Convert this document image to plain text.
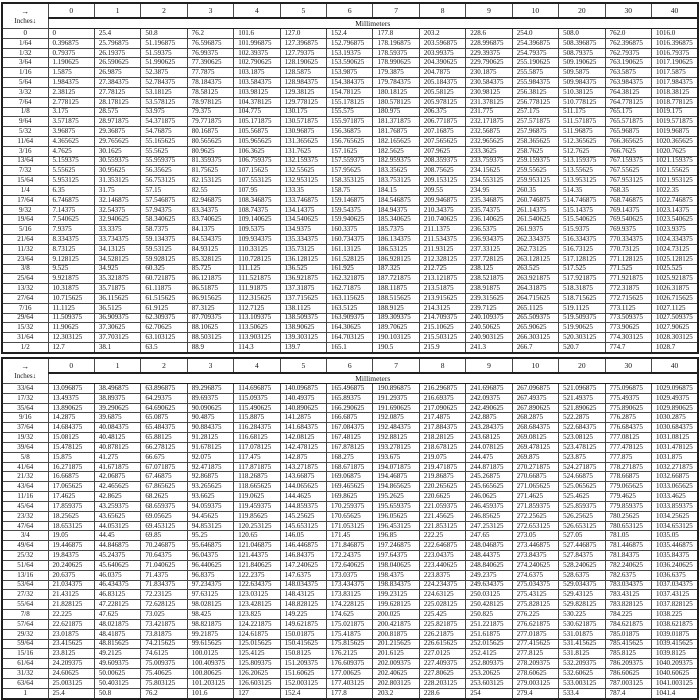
→
Inches↓	0	1	2	3	4	5	6	7	8	9	10	20	30	40
	Millimeters													
0	0	25.4	50.8	76.2	101.6	127.0	152.4	177.8	203.2	228.6	254.0	508.0	762.0	1016.0
1/64	0.396875	25.796875	51.196875	76.596875	101.996875	127.396875	152.796875	178.196875	203.596875	228.996875	254.396875	508.396875	762.396875	1016.396875
1/32	0.79375	26.19375	51.59375	76.99375	102.39375	127.79375	153.19375	178.59375	203.99375	229.39375	254.79375	508.79375	762.79375	1016.79375
3/64	1.190625	26.590625	51.990625	77.390625	102.790625	128.190625	153.590625	178.990625	204.390625	229.790625	255.190625	509.190625	763.190625	1017.190625
1/16	1.5875	26.9875	52.3875	77.7875	103.1875	128.5875	153.9875	179.3875	204.7875	230.1875	255.5875	509.5875	763.5875	1017.5875
5/64	1.984375	27.384375	52.784375	78.184375	103.584375	128.984375	154.384375	179.784375	205.184375	230.584375	255.984375	509.984375	763.984375	1017.984375
3/32	2.38125	27.78125	53.18125	78.58125	103.98125	129.38125	154.78125	180.18125	205.58125	230.98125	256.38125	510.38125	764.38125	1018.38125
7/64	2.778125	28.178125	53.578125	78.978125	104.378125	129.778125	155.178125	180.578125	205.978125	231.378125	256.778125	510.778125	764.778125	1018.778125
1/8	3.175	28.575	53.975	79.375	104.775	130.175	155.575	180.975	206.375	231.775	257.175	511.175	765.175	1019.175
9/64	3.571875	28.971875	54.371875	79.771875	105.171875	130.571875	155.971875	181.371875	206.771875	232.171875	257.571875	511.571875	765.571875	1019.571875
5/32	3.96875	29.36875	54.76875	80.16875	105.56875	130.96875	156.36875	181.76875	207.16875	232.56875	257.96875	511.96875	765.96875	1019.96875
11/64	4.365625	29.765625	55.165625	80.565625	105.965625	131.365625	156.765625	182.165625	207.565625	232.965625	258.365625	512.365625	766.365625	1020.365625
3/16	4.7625	30.1625	55.5625	80.9625	106.3625	131.7625	157.1625	182.5625	207.9625	233.3625	258.7625	512.7625	766.7625	1020.7625
13/64	5.159375	30.559375	55.959375	81.359375	106.759375	132.159375	157.559375	182.959375	208.359375	233.759375	259.159375	513.159375	767.159375	1021.159375
7/32	5.55625	30.95625	56.35625	81.75625	107.15625	132.55625	157.95625	183.35625	208.75625	234.15625	259.55625	513.55625	767.55625	1021.55625
15/64	5.953125	31.353125	56.753125	82.153125	107.553125	132.953125	158.353125	183.753125	209.153125	234.553125	259.953125	513.953125	767.953125	1021.953125
1/4	6.35	31.75	57.15	82.55	107.95	133.35	158.75	184.15	209.55	234.95	260.35	514.35	768.35	1022.35
17/64	6.746875	32.146875	57.546875	82.946875	108.346875	133.746875	159.146875	184.546875	209.946875	235.346875	260.746875	514.746875	768.746875	1022.746875
9/32	7.14375	32.54375	57.94375	83.34375	108.74375	134.14375	159.54375	184.94375	210.34375	235.74375	261.14375	515.14375	769.14375	1023.14375
19/64	7.540625	32.940625	58.340625	83.740625	109.140625	134.540625	159.940625	185.340625	210.740625	236.140625	261.540625	515.540625	769.540625	1023.540625
5/16	7.9375	33.3375	58.7375	84.1375	109.5375	134.9375	160.3375	185.7375	211.1375	236.5375	261.9375	515.9375	769.9375	1023.9375
21/64	8.334375	33.734375	59.134375	84.534375	109.934375	135.334375	160.734375	186.134375	211.534375	236.934375	262.334375	516.334375	770.334375	1024.334375
11/32	8.73125	34.13125	59.53125	84.93125	110.33125	135.73125	161.13125	186.53125	211.93125	237.33125	262.73125	516.73125	770.73125	1024.73125
23/64	9.128125	34.528125	59.928125	85.328125	110.728125	136.128125	161.528125	186.928125	212.328125	237.728125	263.128125	517.128125	771.128125	1025.128125
3/8	9.525	34.925	60.325	85.725	111.125	136.525	161.925	187.325	212.725	238.125	263.525	517.525	771.525	1025.525
25/64	9.921875	35.321875	60.721875	86.121875	111.521875	136.921875	162.321875	187.721875	213.121875	238.521875	263.921875	517.921875	771.921875	1025.921875
13/32	10.31875	35.71875	61.11875	86.51875	111.91875	137.31875	162.71875	188.11875	213.51875	238.91875	264.31875	518.31875	772.31875	1026.31875
27/64	10.715625	36.115625	61.515625	86.915625	112.315625	137.715625	163.115625	188.515625	213.915625	239.315625	264.715625	518.715625	772.715625	1026.715625
7/16	11.1125	36.5125	61.9125	87.3125	112.7125	138.1125	163.5125	188.9125	214.3125	239.7125	265.1125	519.1125	773.1125	1027.1125
29/64	11.509375	36.909375	62.309375	87.709375	113.109375	138.509375	163.909375	189.309375	214.709375	240.109375	265.509375	519.509375	773.509375	1027.509375
15/32	11.90625	37.30625	62.70625	88.10625	113.50625	138.90625	164.30625	189.70625	215.10625	240.50625	265.90625	519.90625	773.90625	1027.90625
31/64	12.303125	37.703125	63.103125	88.503125	113.903125	139.303125	164.703125	190.103125	215.503125	240.903125	266.303125	520.303125	774.303125	1028.303125
1/2	12.7	38.1	63.5	88.9	114.3	139.7	165.1	190.5	215.9	241.3	266.7	520.7	774.7	1028.7
→
Inches↓	0	1	2	3	4	5	6	7	8	9	10	20	30	40
	Millimeters													
33/64	13.096875	38.496875	63.896875	89.296875	114.696875	140.096875	165.496875	190.896875	216.296875	241.696875	267.096875	521.096875	775.096875	1029.096875
17/32	13.49375	38.89375	64.29375	89.69375	115.09375	140.49375	165.89375	191.29375	216.69375	242.09375	267.49375	521.49375	775.49375	1029.49375
35/64	13.890625	39.290625	64.690625	90.090625	115.490625	140.890625	166.290625	191.690625	217.090625	242.490625	267.890625	521.890625	775.890625	1029.890625
9/16	14.2875	39.6875	65.0875	90.4875	115.8875	141.2875	166.6875	192.0875	217.4875	242.8875	268.2875	522.2875	776.2875	1030.2875
37/64	14.684375	40.084375	65.484375	90.884375	116.284375	141.684375	167.084375	192.484375	217.884375	243.284375	268.684375	522.684375	776.684375	1030.684375
19/32	15.08125	40.48125	65.88125	91.28125	116.68125	142.08125	167.48125	192.88125	218.28125	243.68125	269.08125	523.08125	777.08125	1031.08125
39/64	15.478125	40.878125	66.278125	91.678125	117.078125	142.478125	167.878125	193.278125	218.678125	244.078125	269.478125	523.478125	777.478125	1031.478125
5/8	15.875	41.275	66.675	92.075	117.475	142.875	168.275	193.675	219.075	244.475	269.875	523.875	777.875	1031.875
41/64	16.271875	41.671875	67.071875	92.471875	117.871875	143.271875	168.671875	194.071875	219.471875	244.871875	270.271875	524.271875	778.271875	1032.271875
21/32	16.66875	42.06875	67.46875	92.86875	118.26875	143.66875	169.06875	194.46875	219.86875	245.26875	270.66875	524.66875	778.66875	1032.66875
43/64	17.065625	42.465625	67.865625	93.265625	118.665625	144.065625	169.465625	194.865625	220.265625	245.665625	271.065625	525.065625	779.065625	1033.065625
11/16	17.4625	42.8625	68.2625	93.6625	119.0625	144.4625	169.8625	195.2625	220.6625	246.0625	271.4625	525.4625	779.4625	1033.4625
45/64	17.859375	43.259375	68.659375	94.059375	119.459375	144.859375	170.259375	195.659375	221.059375	246.459375	271.859375	525.859375	779.859375	1033.859375
23/32	18.25625	43.65625	69.05625	94.45625	119.85625	145.25625	170.65625	196.05625	221.45625	246.85625	272.25625	526.25625	780.25625	1034.25625
47/64	18.653125	44.053125	69.453125	94.853125	120.253125	145.653125	171.053125	196.453125	221.853125	247.253125	272.653125	526.653125	780.653125	1034.653125
3/4	19.05	44.45	69.85	95.25	120.65	146.05	171.45	196.85	222.25	247.65	273.05	527.05	781.05	1035.05
49/64	19.446875	44.846875	70.246875	95.646875	121.046875	146.446875	171.846875	197.246875	222.646875	248.046875	273.446875	527.446875	781.446875	1035.446875
25/32	19.84375	45.24375	70.64375	96.04375	121.44375	146.84375	172.24375	197.64375	223.04375	248.44375	273.84375	527.84375	781.84375	1035.84375
51/64	20.240625	45.640625	71.040625	96.440625	121.840625	147.240625	172.640625	198.040625	223.440625	248.840625	274.240625	528.240625	782.240625	1036.240625
13/16	20.6375	46.0375	71.4375	96.8375	122.2375	147.6375	173.0375	198.4375	223.8375	249.2375	274.6375	528.6375	782.6375	1036.6375
53/64	21.034375	46.434375	71.834375	97.234375	122.634375	148.034375	173.434375	198.834375	224.234375	249.634375	275.034375	529.034375	783.034375	1037.034375
27/32	21.43125	46.83125	72.23125	97.63125	123.03125	148.43125	173.83125	199.23125	224.63125	250.03125	275.43125	529.43125	783.43125	1037.43125
55/64	21.828125	47.228125	72.628125	98.028125	123.428125	148.828125	174.228125	199.628125	225.028125	250.428125	275.828125	529.828125	783.828125	1037.828125
7/8	22.225	47.625	73.025	98.425	123.825	149.225	174.625	200.025	225.425	250.825	276.225	530.225	784.225	1038.225
57/64	22.621875	48.021875	73.421875	98.821875	124.221875	149.621875	175.021875	200.421875	225.821875	251.221875	276.621875	530.621875	784.621875	1038.621875
29/32	23.01875	48.41875	73.81875	99.21875	124.61875	150.01875	175.41875	200.81875	226.21875	251.61875	277.01875	531.01875	785.01875	1039.01875
59/64	23.415625	48.815625	74.215625	99.615625	125.015625	150.415625	175.815625	201.215625	226.615625	252.015625	277.415625	531.415625	785.415625	1039.415625
15/16	23.8125	49.2125	74.6125	100.0125	125.4125	150.8125	176.2125	201.6125	227.0125	252.4125	277.8125	531.8125	785.8125	1039.8125
61/64	24.209375	49.609375	75.009375	100.409375	125.809375	151.209375	176.609375	202.009375	227.409375	252.809375	278.209375	532.209375	786.209375	1040.209375
31/32	24.60625	50.00625	75.40625	100.80625	126.20625	151.60625	177.00625	202.40625	227.80625	253.20625	278.60625	532.60625	786.60625	1040.60625
63/64	25.003125	50.403125	75.803125	101.203125	126.603125	152.003125	177.403125	202.803125	228.203125	253.603125	279.003125	533.003125	787.003125	1041.003125
1	25.4	50.8	76.2	101.6	127	152.4	177.8	203.2	228.6	254	279.4	533.4	787.4	1041.4
